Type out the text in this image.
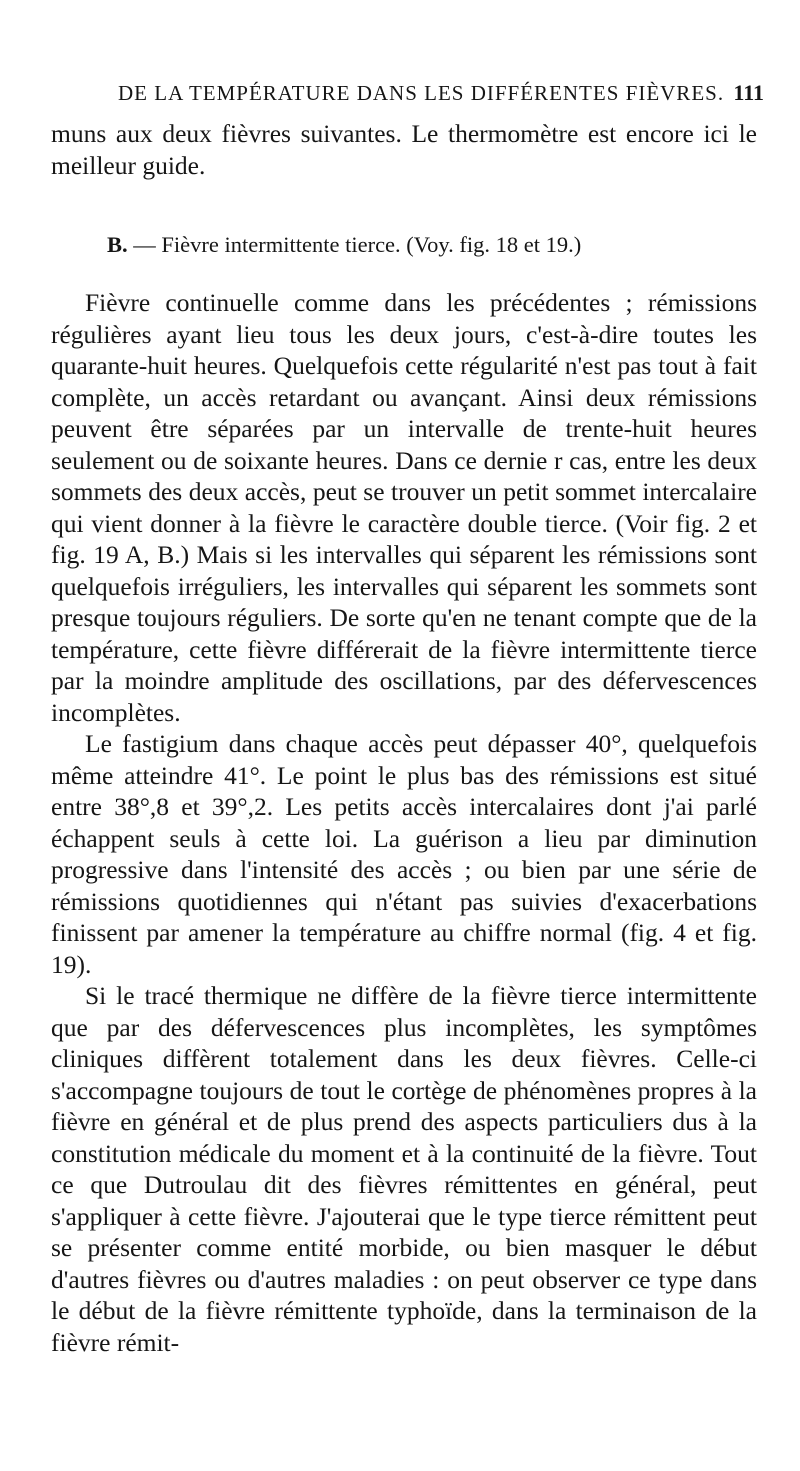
DE LA TEMPÉRATURE DANS LES DIFFÉRENTES FIÈVRES. 111

muns aux deux fièvres suivantes. Le thermomètre est encore ici le meilleur guide.

B. — Fièvre intermittente tierce. (Voy. fig. 18 et 19.)

Fièvre continuelle comme dans les précédentes ; rémissions régulières ayant lieu tous les deux jours, c'est-à-dire toutes les quarante-huit heures. Quelquefois cette régularité n'est pas tout à fait complète, un accès retardant ou avançant. Ainsi deux rémissions peuvent être séparées par un intervalle de trente-huit heures seulement ou de soixante heures. Dans ce dernie r cas, entre les deux sommets des deux accès, peut se trouver un petit sommet intercalaire qui vient donner à la fièvre le caractère double tierce. (Voir fig. 2 et fig. 19 A, B.) Mais si les intervalles qui séparent les rémissions sont quelquefois irréguliers, les intervalles qui séparent les sommets sont presque toujours réguliers. De sorte qu'en ne tenant compte que de la température, cette fièvre différerait de la fièvre intermittente tierce par la moindre amplitude des oscillations, par des défervescences incomplètes.

Le fastigium dans chaque accès peut dépasser 40°, quelquefois même atteindre 41°. Le point le plus bas des rémissions est situé entre 38°,8 et 39°,2. Les petits accès intercalaires dont j'ai parlé échappent seuls à cette loi. La guérison a lieu par diminution progressive dans l'intensité des accès ; ou bien par une série de rémissions quotidiennes qui n'étant pas suivies d'exacerbations finissent par amener la température au chiffre normal (fig. 4 et fig. 19).

Si le tracé thermique ne diffère de la fièvre tierce intermittente que par des défervescences plus incomplètes, les symptômes cliniques diffèrent totalement dans les deux fièvres. Celle-ci s'accompagne toujours de tout le cortège de phénomènes propres à la fièvre en général et de plus prend des aspects particuliers dus à la constitution médicale du moment et à la continuité de la fièvre. Tout ce que Dutroulau dit des fièvres rémittentes en général, peut s'appliquer à cette fièvre. J'ajouterai que le type tierce rémittent peut se présenter comme entité morbide, ou bien masquer le début d'autres fièvres ou d'autres maladies : on peut observer ce type dans le début de la fièvre rémittente typhoïde, dans la terminaison de la fièvre rémit-
